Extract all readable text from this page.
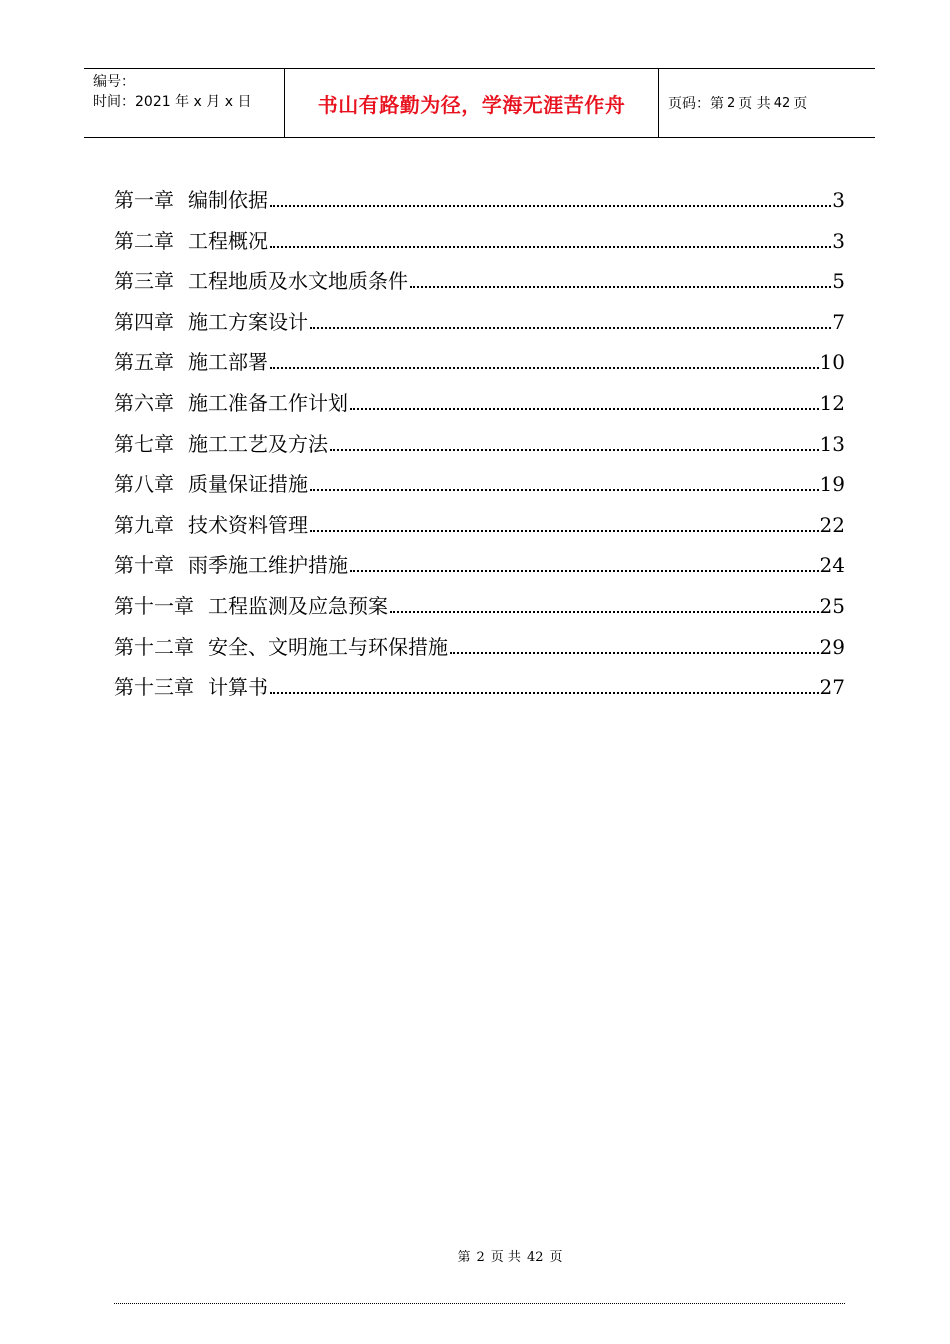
编号：
时间：2021 年 x 月 x 日	书山有路勤为径，学海无涯苦作舟	页码：第 2 页 共 42 页
第一章 编制依据	3
第二章 工程概况	3
第三章 工程地质及水文地质条件	5
第四章 施工方案设计	7
第五章 施工部署	10
第六章 施工准备工作计划	12
第七章 施工工艺及方法	13
第八章 质量保证措施	19
第九章 技术资料管理	22
第十章 雨季施工维护措施	24
第十一章 工程监测及应急预案	25
第十二章 安全、文明施工与环保措施	29
第十三章 计算书	27
第 2 页 共 42 页
